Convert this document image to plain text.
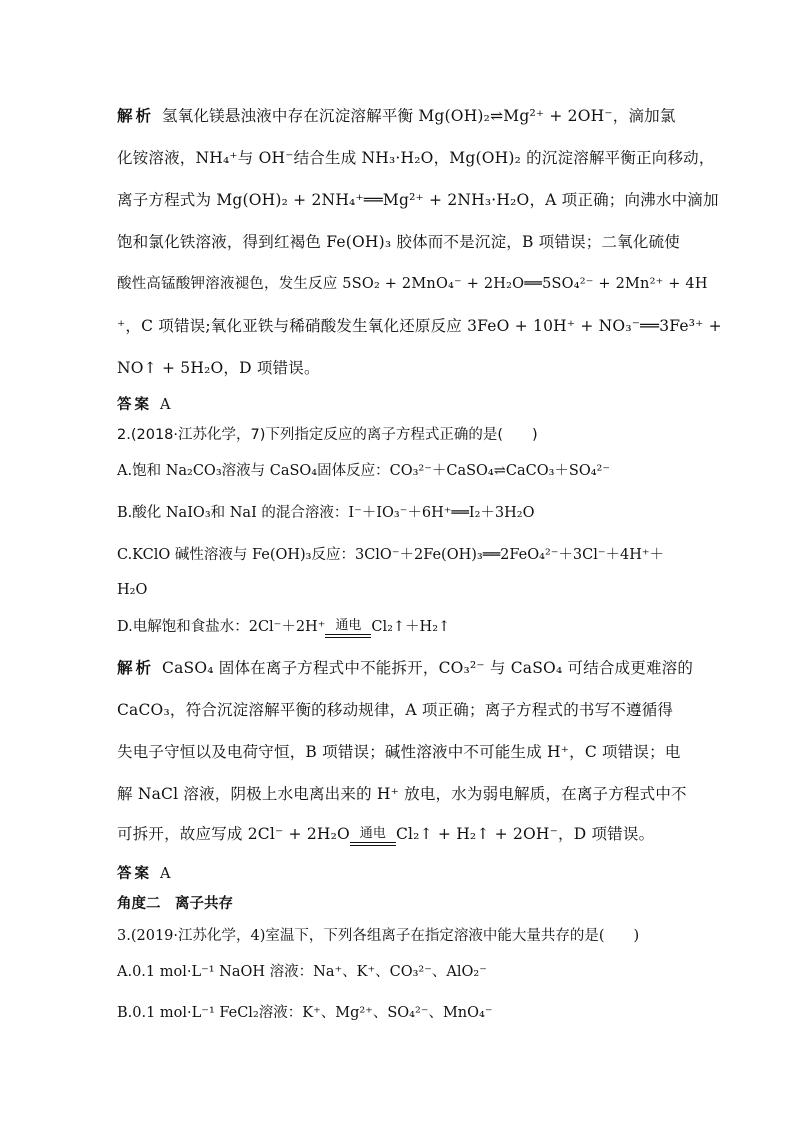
解析 氢氧化镁悬浊液中存在沉淀溶解平衡 Mg(OH)₂⇌Mg²⁺ + 2OH⁻，滴加氯
化铵溶液，NH₄⁺与 OH⁻结合生成 NH₃·H₂O，Mg(OH)₂ 的沉淀溶解平衡正向移动，
离子方程式为 Mg(OH)₂ + 2NH₄⁺══Mg²⁺ + 2NH₃·H₂O，A 项正确；向沸水中滴加
饱和氯化铁溶液，得到红褐色 Fe(OH)₃ 胶体而不是沉淀，B 项错误；二氧化硫使
酸性高锰酸钾溶液褪色，发生反应 5SO₂ + 2MnO₄⁻ + 2H₂O══5SO₄²⁻ + 2Mn²⁺ + 4H
⁺，C 项错误;氧化亚铁与稀硝酸发生氧化还原反应 3FeO + 10H⁺ + NO₃⁻══3Fe³⁺ +
NO↑ + 5H₂O，D 项错误。
答案 A
2.(2018·江苏化学，7)下列指定反应的离子方程式正确的是(　　)
A.饱和 Na₂CO₃溶液与 CaSO₄固体反应：CO₃²⁻＋CaSO₄⇌CaCO₃＋SO₄²⁻
B.酸化 NaIO₃和 NaI 的混合溶液：I⁻＋IO₃⁻＋6H⁺══I₂＋3H₂O
C.KClO 碱性溶液与 Fe(OH)₃反应：3ClO⁻＋2Fe(OH)₃══2FeO₄²⁻＋3Cl⁻＋4H⁺＋
H₂O
D.电解饱和食盐水：2Cl⁻＋2H⁺ 通电 Cl₂↑＋H₂↑
解析 CaSO₄ 固体在离子方程式中不能拆开，CO₃²⁻ 与 CaSO₄ 可结合成更难溶的
CaCO₃，符合沉淀溶解平衡的移动规律，A 项正确；离子方程式的书写不遵循得
失电子守恒以及电荷守恒，B 项错误；碱性溶液中不可能生成 H⁺，C 项错误；电
解 NaCl 溶液，阴极上水电离出来的 H⁺ 放电，水为弱电解质，在离子方程式中不
可拆开，故应写成 2Cl⁻ + 2H₂O 通电 Cl₂↑ + H₂↑ + 2OH⁻，D 项错误。
答案 A
角度二　离子共存
3.(2019·江苏化学，4)室温下，下列各组离子在指定溶液中能大量共存的是(　　)
A.0.1 mol·L⁻¹ NaOH 溶液：Na⁺、K⁺、CO₃²⁻、AlO₂⁻
B.0.1 mol·L⁻¹ FeCl₂溶液：K⁺、Mg²⁺、SO₄²⁻、MnO₄⁻
